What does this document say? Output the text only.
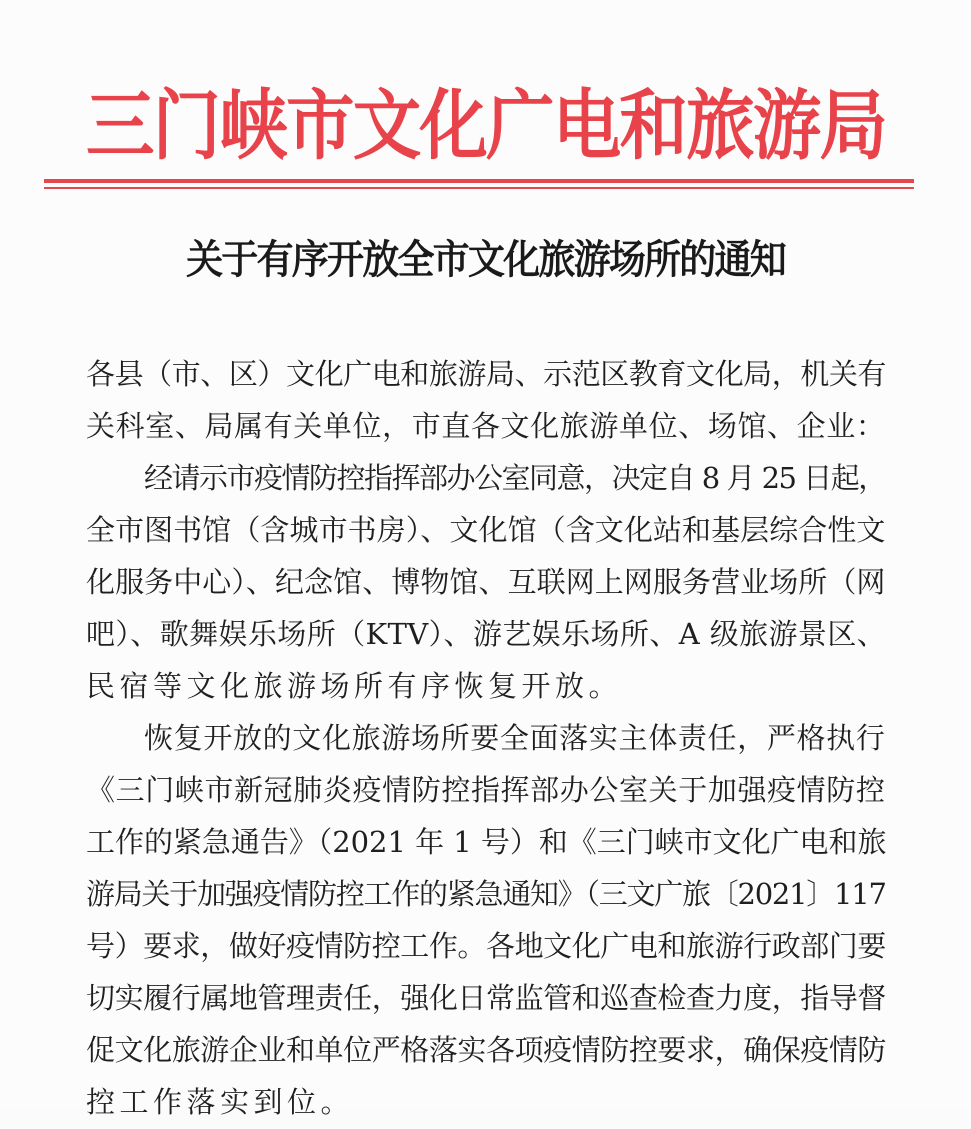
三门峡市文化广电和旅游局
关于有序开放全市文化旅游场所的通知
各县（市、区）文化广电和旅游局、示范区教育文化局，机关有
关科室、局属有关单位，市直各文化旅游单位、场馆、企业：
经请示市疫情防控指挥部办公室同意，决定自 8 月 25 日起，
全市图书馆（含城市书房）、文化馆（含文化站和基层综合性文
化服务中心）、纪念馆、博物馆、互联网上网服务营业场所（网
吧）、歌舞娱乐场所（KTV）、游艺娱乐场所、A 级旅游景区、
民宿等文化旅游场所有序恢复开放。
恢复开放的文化旅游场所要全面落实主体责任，严格执行
《三门峡市新冠肺炎疫情防控指挥部办公室关于加强疫情防控
工作的紧急通告》（2021 年 1 号）和《三门峡市文化广电和旅
游局关于加强疫情防控工作的紧急通知》（三文广旅〔2021〕117
号）要求，做好疫情防控工作。各地文化广电和旅游行政部门要
切实履行属地管理责任，强化日常监管和巡查检查力度，指导督
促文化旅游企业和单位严格落实各项疫情防控要求，确保疫情防
控工作落实到位。
